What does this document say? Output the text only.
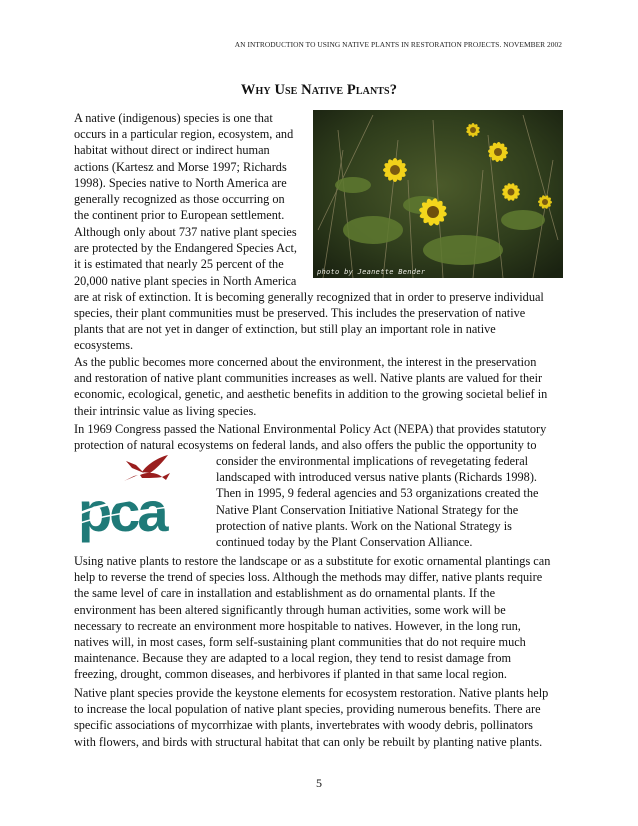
AN INTRODUCTION TO USING NATIVE PLANTS IN RESTORATION PROJECTS. NOVEMBER 2002
Why Use Native Plants?
photo by Jeanette Bender
A native (indigenous) species is one that
occurs in a particular region, ecosystem, and
habitat without direct or indirect human
actions (Kartesz and Morse 1997; Richards
1998). Species native to North America are
generally recognized as those occurring on
the continent prior to European settlement.
Although only about 737 native plant species
are protected by the Endangered Species Act,
it is estimated that nearly 25 percent of the
20,000 native plant species in North America
are at risk of extinction. It is becoming generally recognized that in order to preserve individual
species, their plant communities must be preserved. This includes the preservation of native
plants that are not yet in danger of extinction, but still play an important role in native
ecosystems.
As the public becomes more concerned about the environment, the interest in the preservation
and restoration of native plant communities increases as well. Native plants are valued for their
economic, ecological, genetic, and aesthetic benefits in addition to the growing societal belief in
their intrinsic value as living species.
In 1969 Congress passed the National Environmental Policy Act (NEPA) that provides statutory
protection of natural ecosystems on federal lands, and also offers the public the opportunity to
consider the environmental implications of revegetating federal
landscaped with introduced versus native plants (Richards 1998).
Then in 1995, 9 federal agencies and 53 organizations created the
Native Plant Conservation Initiative National Strategy for the
protection of native plants. Work on the National Strategy is
continued today by the Plant Conservation Alliance.
pca
Using native plants to restore the landscape or as a substitute for exotic ornamental plantings can
help to reverse the trend of species loss. Although the methods may differ, native plants require
the same level of care in installation and establishment as do ornamental plants. If the
environment has been altered significantly through human activities, some work will be
necessary to recreate an environment more hospitable to natives. However, in the long run,
natives will, in most cases, form self-sustaining plant communities that do not require much
maintenance. Because they are adapted to a local region, they tend to resist damage from
freezing, drought, common diseases, and herbivores if planted in that same local region.
Native plant species provide the keystone elements for ecosystem restoration. Native plants help
to increase the local population of native plant species, providing numerous benefits. There are
specific associations of mycorrhizae with plants, invertebrates with woody debris, pollinators
with flowers, and birds with structural habitat that can only be rebuilt by planting native plants.
5
